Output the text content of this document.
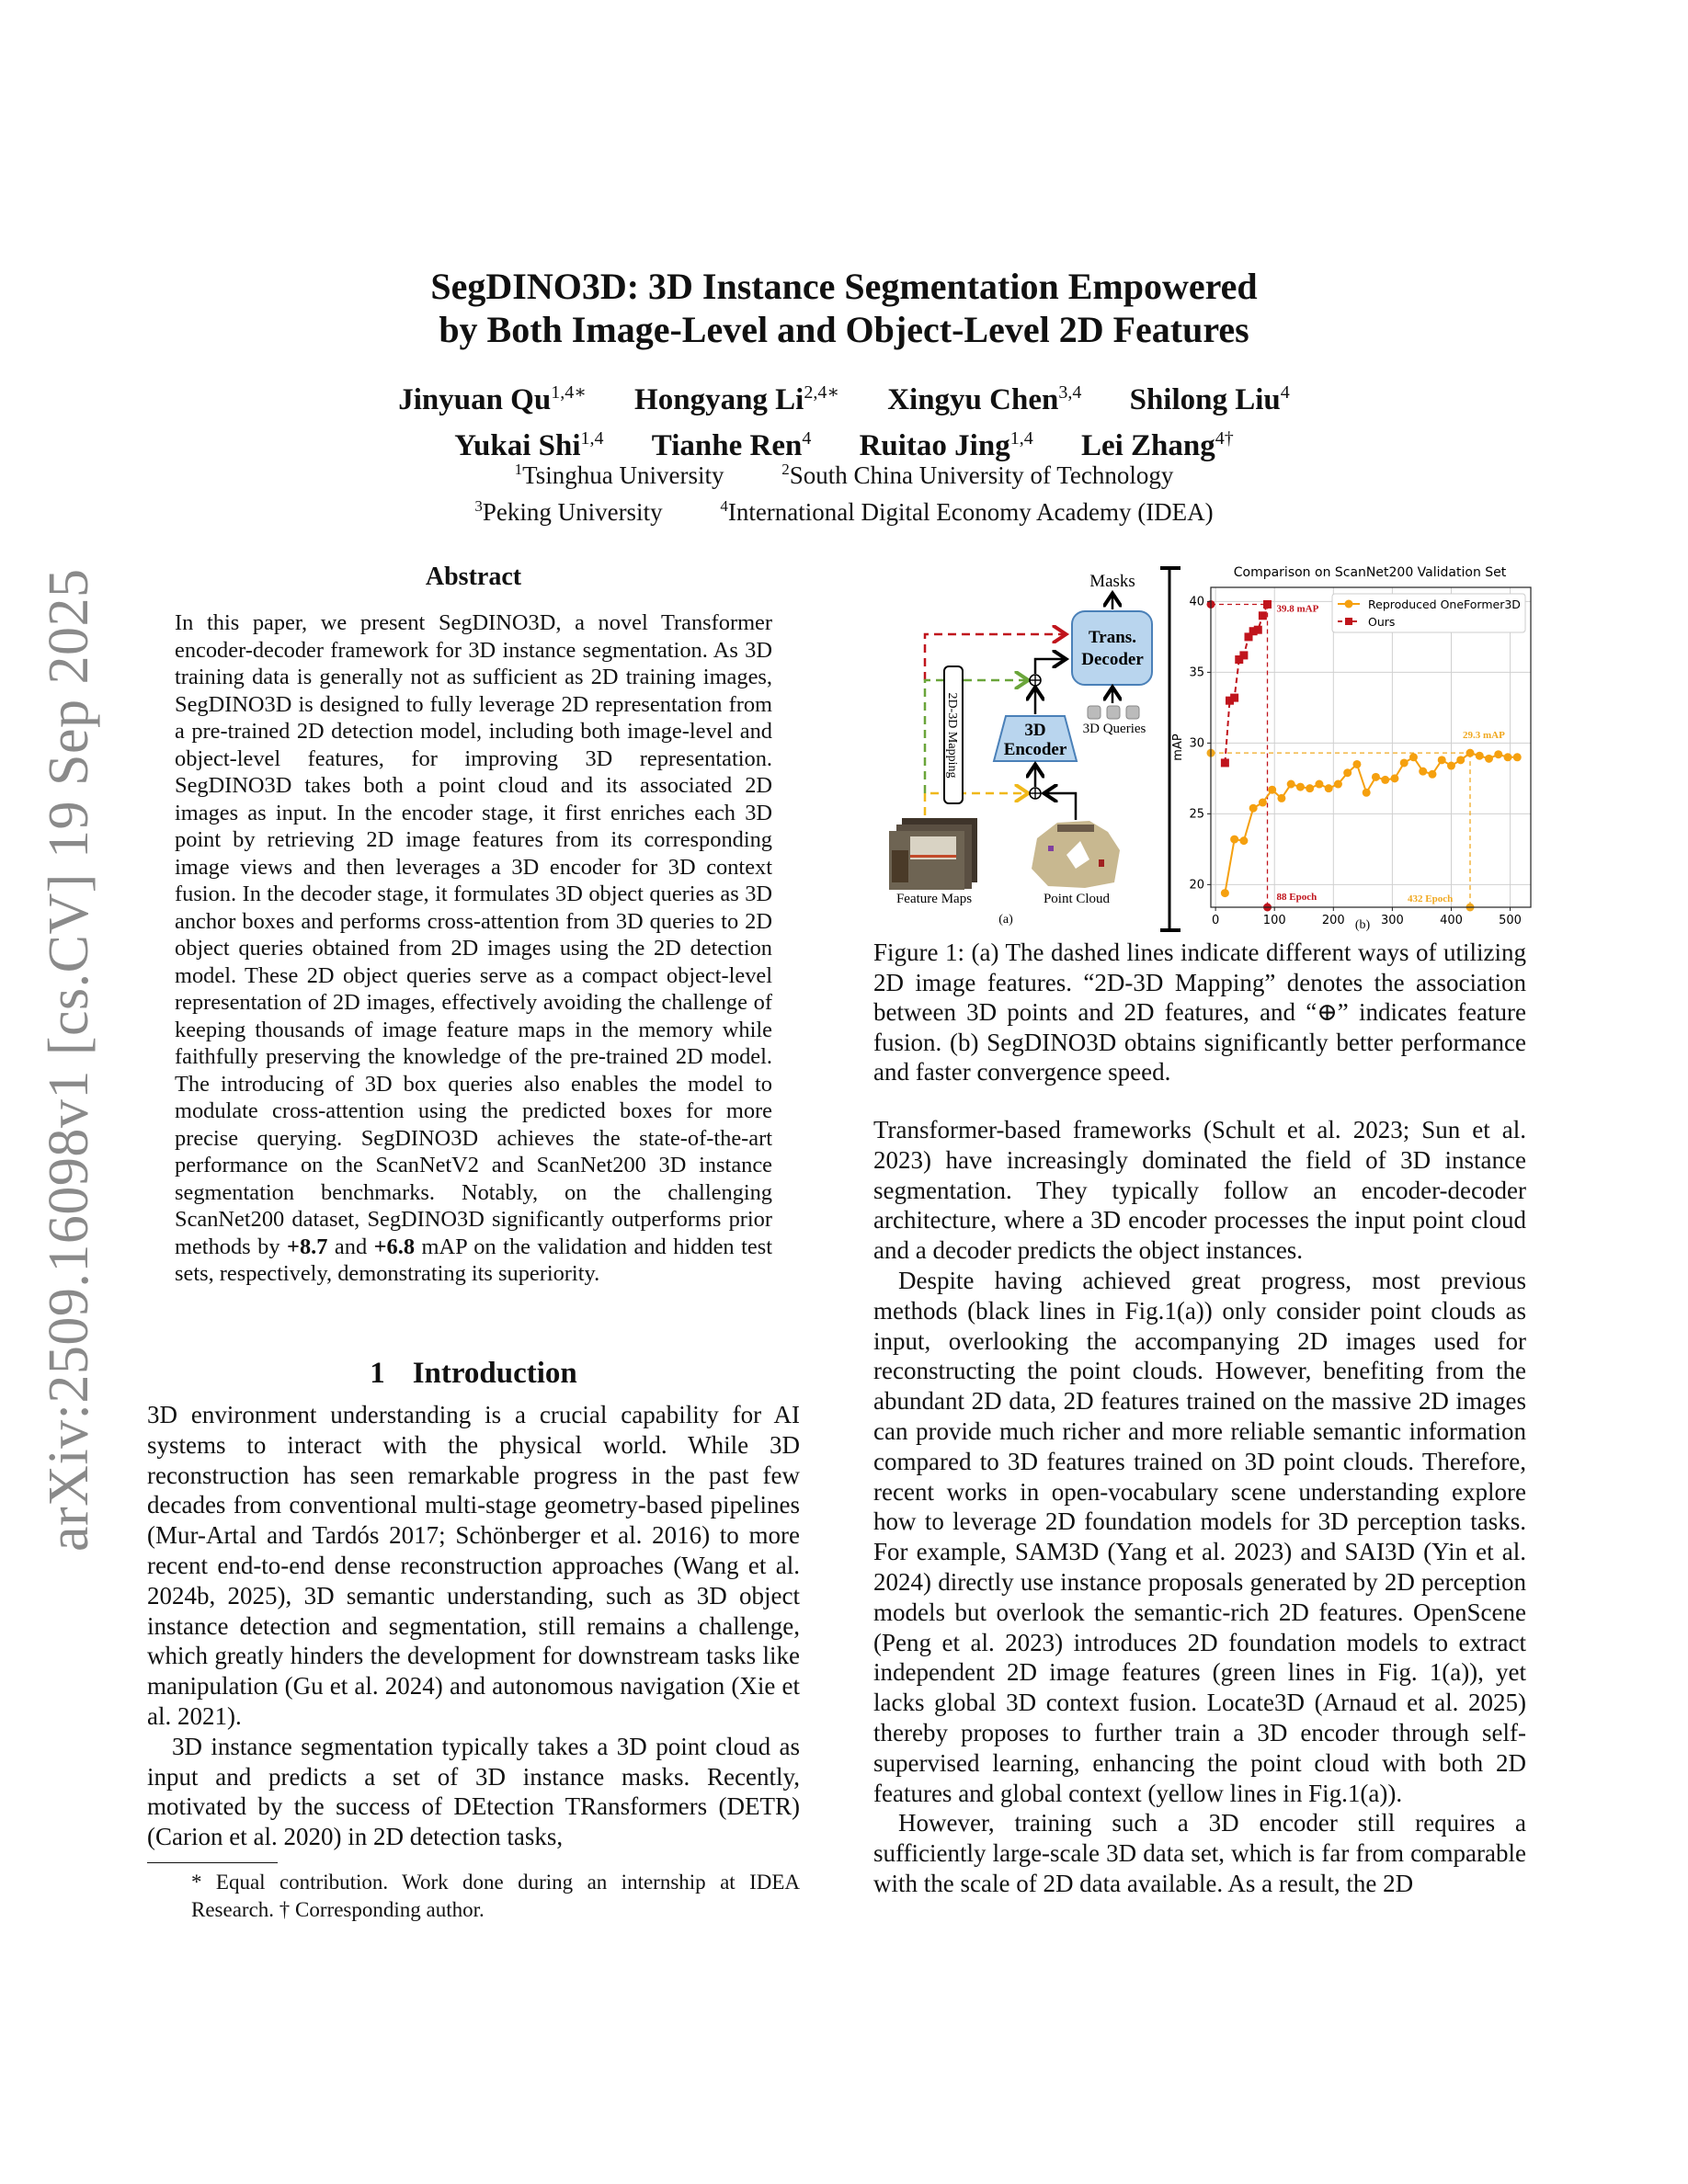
arXiv:2509.16098v1 [cs.CV] 19 Sep 2025
SegDINO3D: 3D Instance Segmentation Empowered
by Both Image-Level and Object-Level 2D Features
Jinyuan $Qu^{1,4∗}$ Hongyang $Li^{2,4∗}$ Xingyu Chen$^{3,4}$ Shilong Liu$^4$
Yukai Shi$^{1,4}$ Tianhe Ren$^4$ Ruitao Jing$^{1,4}$ Lei Zhang$^{4\dagger}$
$^1$Tsinghua University	$^2$South China University of Technology
$^3$Peking University	$^4$International Digital Economy Academy (IDEA)
Abstract
In this paper, we present SegDINO3D, a novel Transformer encoder-decoder framework for 3D instance segmentation. As 3D training data is generally not as sufficient as 2D training images, SegDINO3D is designed to fully leverage 2D representation from a pre-trained 2D detection model, including both image-level and object-level features, for improving 3D representation. SegDINO3D takes both a point cloud and its associated 2D images as input. In the encoder stage, it first enriches each 3D point by retrieving 2D image features from its corresponding image views and then leverages a 3D encoder for 3D context fusion. In the decoder stage, it formulates 3D object queries as 3D anchor boxes and performs cross-attention from 3D queries to 2D object queries obtained from 2D images using the 2D detection model. These 2D object queries serve as a compact object-level representation of 2D images, effectively avoiding the challenge of keeping thousands of image feature maps in the memory while faithfully preserving the knowledge of the pre-trained 2D model. The introducing of 3D box queries also enables the model to modulate cross-attention using the predicted boxes for more precise querying. SegDINO3D achieves the state-of-the-art performance on the ScanNetV2 and ScanNet200 3D instance segmentation benchmarks. Notably, on the challenging ScanNet200 dataset, SegDINO3D significantly outperforms prior methods by +8.7 and +6.8 mAP on the validation and hidden test sets, respectively, demonstrating its superiority.
1 Introduction

3D environment understanding is a crucial capability for AI systems to interact with the physical world. While 3D reconstruction has seen remarkable progress in the past few decades from conventional multi-stage geometry-based pipelines (Mur-Artal and Tardós 2017; Schönberger et al. 2016) to more recent end-to-end dense reconstruction approaches (Wang et al. 2024b, 2025), 3D semantic understanding, such as 3D object instance detection and segmentation, still remains a challenge, which greatly hinders the development for downstream tasks like manipulation (Gu et al. 2024) and autonomous navigation (Xie et al. 2021).

3D instance segmentation typically takes a 3D point cloud as input and predicts a set of 3D instance masks. Recently, motivated by the success of DEtection TRansformers (DETR) (Carion et al. 2020) in 2D detection tasks,

* Equal contribution. Work done during an internship at IDEA Research. † Corresponding author.
Masks
Trans.
Decoder
2D-3D Mapping	3D
Encoder
3D Queries
Feature Maps	Point Cloud
(a)
Comparison on ScanNet200 Validation Set
39.8 mAP
88 Epoch
29.3 mAP
432 Epoch
0	100	200	300	400	500
20
25
30
35
40
mAP
(b)
Reproduced OneFormer3D
Ours
Figure 1: (a) The dashed lines indicate different ways of utilizing 2D image features. “2D-3D Mapping” denotes the association between 3D points and 2D features, and “⊕” indicates feature fusion. (b) SegDINO3D obtains significantly better performance and faster convergence speed.

Transformer-based frameworks (Schult et al. 2023; Sun et al. 2023) have increasingly dominated the field of 3D instance segmentation. They typically follow an encoder-decoder architecture, where a 3D encoder processes the input point cloud and a decoder predicts the object instances.

Despite having achieved great progress, most previous methods (black lines in Fig.1(a)) only consider point clouds as input, overlooking the accompanying 2D images used for reconstructing the point clouds. However, benefiting from the abundant 2D data, 2D features trained on the massive 2D images can provide much richer and more reliable semantic information compared to 3D features trained on 3D point clouds. Therefore, recent works in open-vocabulary scene understanding explore how to leverage 2D foundation models for 3D perception tasks. For example, SAM3D (Yang et al. 2023) and SAI3D (Yin et al. 2024) directly use instance proposals generated by 2D perception models but overlook the semantic-rich 2D features. OpenScene (Peng et al. 2023) introduces 2D foundation models to extract independent 2D image features (green lines in Fig. 1(a)), yet lacks global 3D context fusion. Locate3D (Arnaud et al. 2025) thereby proposes to further train a 3D encoder through self-supervised learning, enhancing the point cloud with both 2D features and global context (yellow lines in Fig.1(a)).

However, training such a 3D encoder still requires a sufficiently large-scale 3D data set, which is far from comparable with the scale of 2D data available. As a result, the 2D
